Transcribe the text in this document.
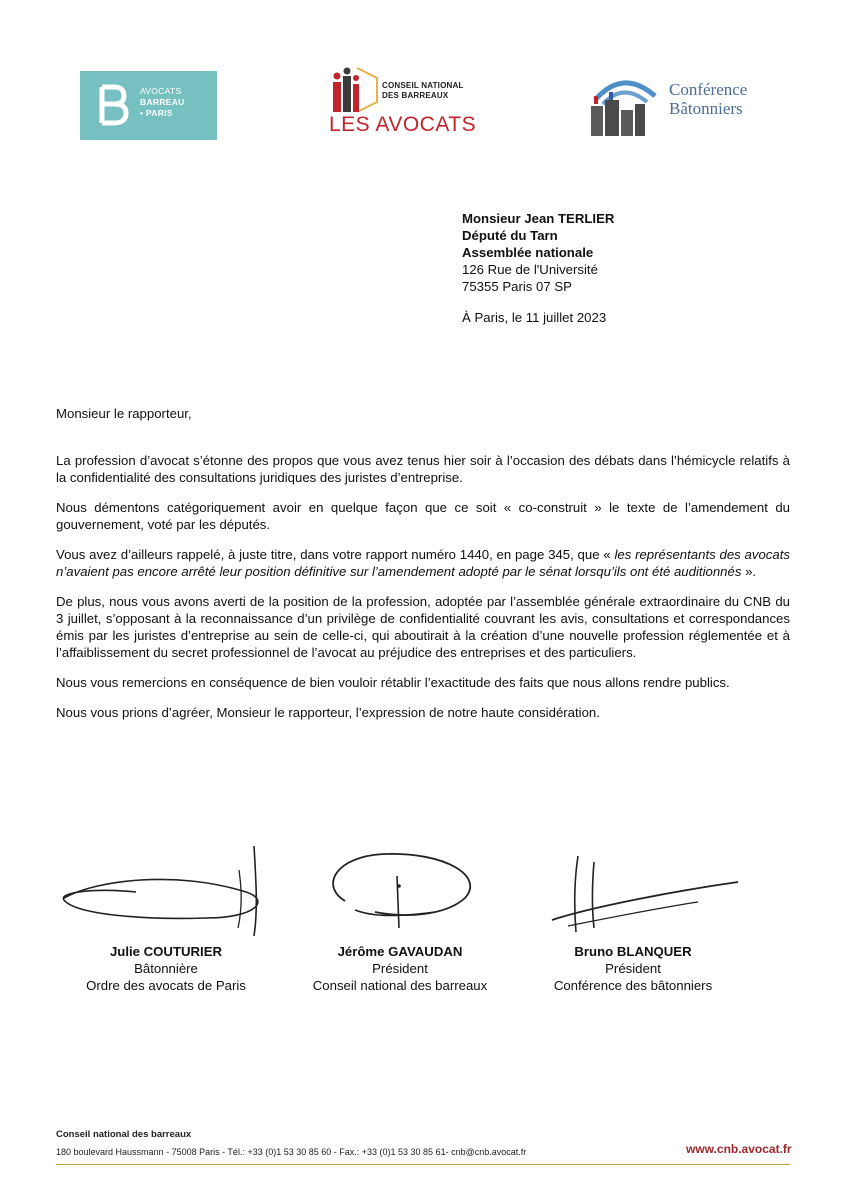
AVOCATS
BARREAU
• PARIS
CONSEIL NATIONAL
DES BARREAUX
LES AVOCATS
Conférence
Bâtonniers
Monsieur Jean TERLIER
Député du Tarn
Assemblée nationale
126 Rue de l'Université
75355 Paris 07 SP
À Paris, le 11 juillet 2023

Monsieur le rapporteur,

La profession d’avocat s’étonne des propos que vous avez tenus hier soir à l’occasion des débats dans l’hémicycle relatifs à la confidentialité des consultations juridiques des juristes d’entreprise.

Nous démentons catégoriquement avoir en quelque façon que ce soit « co-construit » le texte de l’amendement du gouvernement, voté par les députés.

Vous avez d’ailleurs rappelé, à juste titre, dans votre rapport numéro 1440, en page 345, que « les représentants des avocats n’avaient pas encore arrêté leur position définitive sur l’amendement adopté par le sénat lorsqu’ils ont été auditionnés ».

De plus, nous vous avons averti de la position de la profession, adoptée par l’assemblée générale extraordinaire du CNB du 3 juillet, s’opposant à la reconnaissance d’un privilège de confidentialité couvrant les avis, consultations et correspondances émis par les juristes d’entreprise au sein de celle-ci, qui aboutirait à la création d’une nouvelle profession réglementée et à l’affaiblissement du secret professionnel de l’avocat au préjudice des entreprises et des particuliers.

Nous vous remercions en conséquence de bien vouloir rétablir l’exactitude des faits que nous allons rendre publics.

Nous vous prions d’agréer, Monsieur le rapporteur, l’expression de notre haute considération.

Julie COUTURIER
Bâtonnière
Ordre des avocats de Paris
Jérôme GAVAUDAN
Président
Conseil national des barreaux
Bruno BLANQUER
Président
Conférence des bâtonniers
Conseil national des barreaux
180 boulevard Haussmann - 75008 Paris - Tél.: +33 (0)1 53 30 85 60 - Fax.: +33 (0)1 53 30 85 61- cnb@cnb.avocat.fr	www.cnb.avocat.fr
